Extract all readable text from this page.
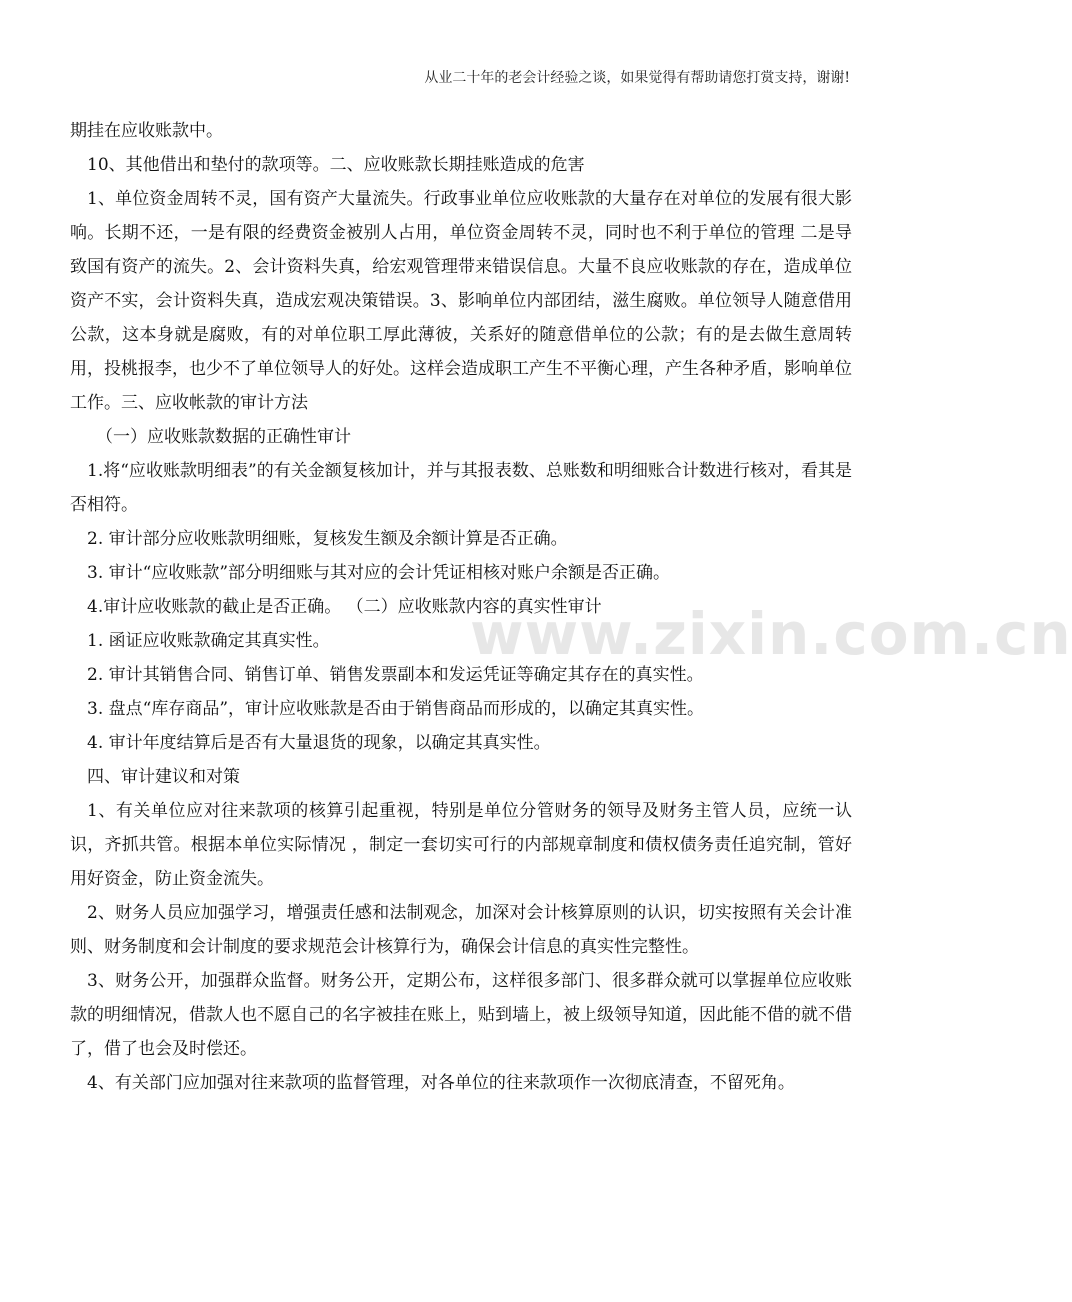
从业二十年的老会计经验之谈，如果觉得有帮助请您打赏支持，谢谢!
www.zixin.com.cn

期挂在应收账款中。

10、其他借出和垫付的款项等。二、应收账款长期挂账造成的危害

1、单位资金周转不灵，国有资产大量流失。行政事业单位应收账款的大量存在对单位的发展有很大影响。长期不还，一是有限的经费资金被别人占用，单位资金周转不灵，同时也不利于单位的管理 二是导致国有资产的流失。2、会计资料失真，给宏观管理带来错误信息。大量不良应收账款的存在，造成单位资产不实，会计资料失真，造成宏观决策错误。3、影响单位内部团结，滋生腐败。单位领导人随意借用公款，这本身就是腐败，有的对单位职工厚此薄彼，关系好的随意借单位的公款；有的是去做生意周转用，投桃报李，也少不了单位领导人的好处。这样会造成职工产生不平衡心理，产生各种矛盾，影响单位工作。三、应收帐款的审计方法

（一）应收账款数据的正确性审计

1.将“应收账款明细表”的有关金额复核加计，并与其报表数、总账数和明细账合计数进行核对，看其是否相符。

2. 审计部分应收账款明细账，复核发生额及余额计算是否正确。

3. 审计“应收账款”部分明细账与其对应的会计凭证相核对账户余额是否正确。

4.审计应收账款的截止是否正确。 （二）应收账款内容的真实性审计

1. 函证应收账款确定其真实性。

2. 审计其销售合同、销售订单、销售发票副本和发运凭证等确定其存在的真实性。

3. 盘点“库存商品”，审计应收账款是否由于销售商品而形成的，以确定其真实性。

4. 审计年度结算后是否有大量退货的现象，以确定其真实性。

四、审计建议和对策

1、有关单位应对往来款项的核算引起重视，特别是单位分管财务的领导及财务主管人员，应统一认识，齐抓共管。根据本单位实际情况 ，制定一套切实可行的内部规章制度和债权债务责任追究制，管好用好资金，防止资金流失。

2、财务人员应加强学习，增强责任感和法制观念，加深对会计核算原则的认识，切实按照有关会计准则、财务制度和会计制度的要求规范会计核算行为，确保会计信息的真实性完整性。

3、财务公开，加强群众监督。财务公开，定期公布，这样很多部门、很多群众就可以掌握单位应收账款的明细情况，借款人也不愿自己的名字被挂在账上，贴到墙上，被上级领导知道，因此能不借的就不借了，借了也会及时偿还。

4、有关部门应加强对往来款项的监督管理，对各单位的往来款项作一次彻底清查，不留死角。
